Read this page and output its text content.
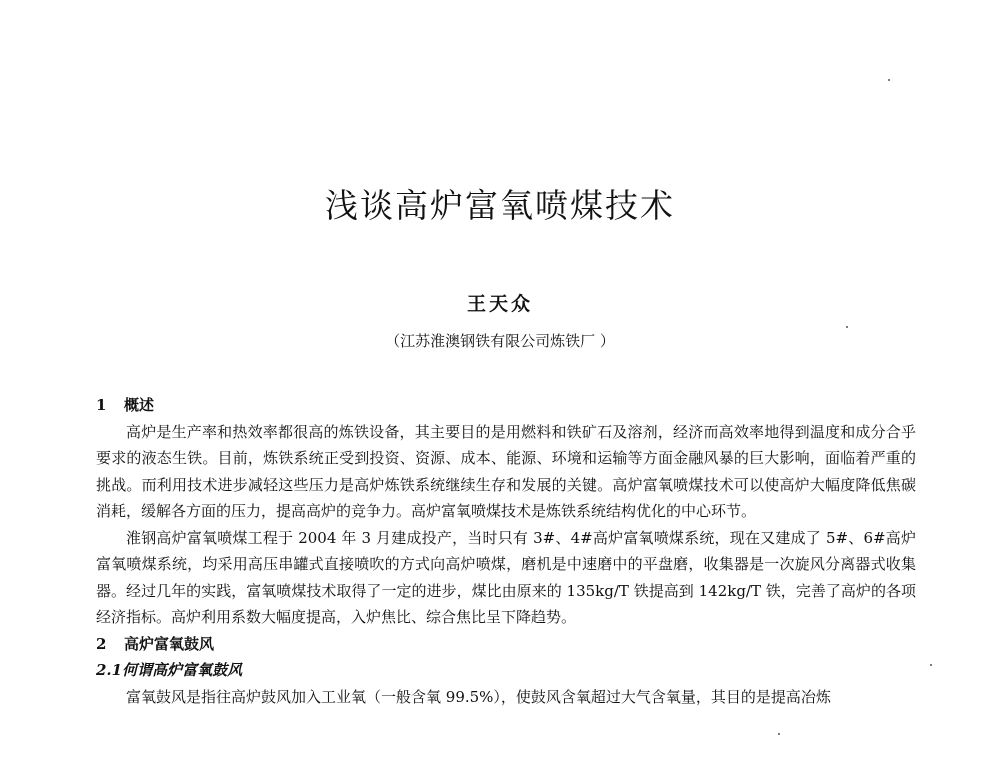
浅谈高炉富氧喷煤技术
王天众
（江苏淮澳钢铁有限公司炼铁厂 ）
1 概述

高炉是生产率和热效率都很高的炼铁设备，其主要目的是用燃料和铁矿石及溶剂，经济而高效率地得到温度和成分合乎要求的液态生铁。目前，炼铁系统正受到投资、资源、成本、能源、环境和运输等方面金融风暴的巨大影响，面临着严重的挑战。而利用技术进步减轻这些压力是高炉炼铁系统继续生存和发展的关键。高炉富氧喷煤技术可以使高炉大幅度降低焦碳消耗，缓解各方面的压力，提高高炉的竞争力。高炉富氧喷煤技术是炼铁系统结构优化的中心环节。

淮钢高炉富氧喷煤工程于 2004 年 3 月建成投产，当时只有 3#、4#高炉富氧喷煤系统，现在又建成了 5#、6#高炉富氧喷煤系统，均采用高压串罐式直接喷吹的方式向高炉喷煤，磨机是中速磨中的平盘磨，收集器是一次旋风分离器式收集器。经过几年的实践，富氧喷煤技术取得了一定的进步，煤比由原来的 135kg/T 铁提高到 142kg/T 铁，完善了高炉的各项经济指标。高炉利用系数大幅度提高，入炉焦比、综合焦比呈下降趋势。

2 高炉富氧鼓风
2.1何谓高炉富氧鼓风

富氧鼓风是指往高炉鼓风加入工业氧（一般含氧 99.5%），使鼓风含氧超过大气含氧量，其目的是提高冶炼
